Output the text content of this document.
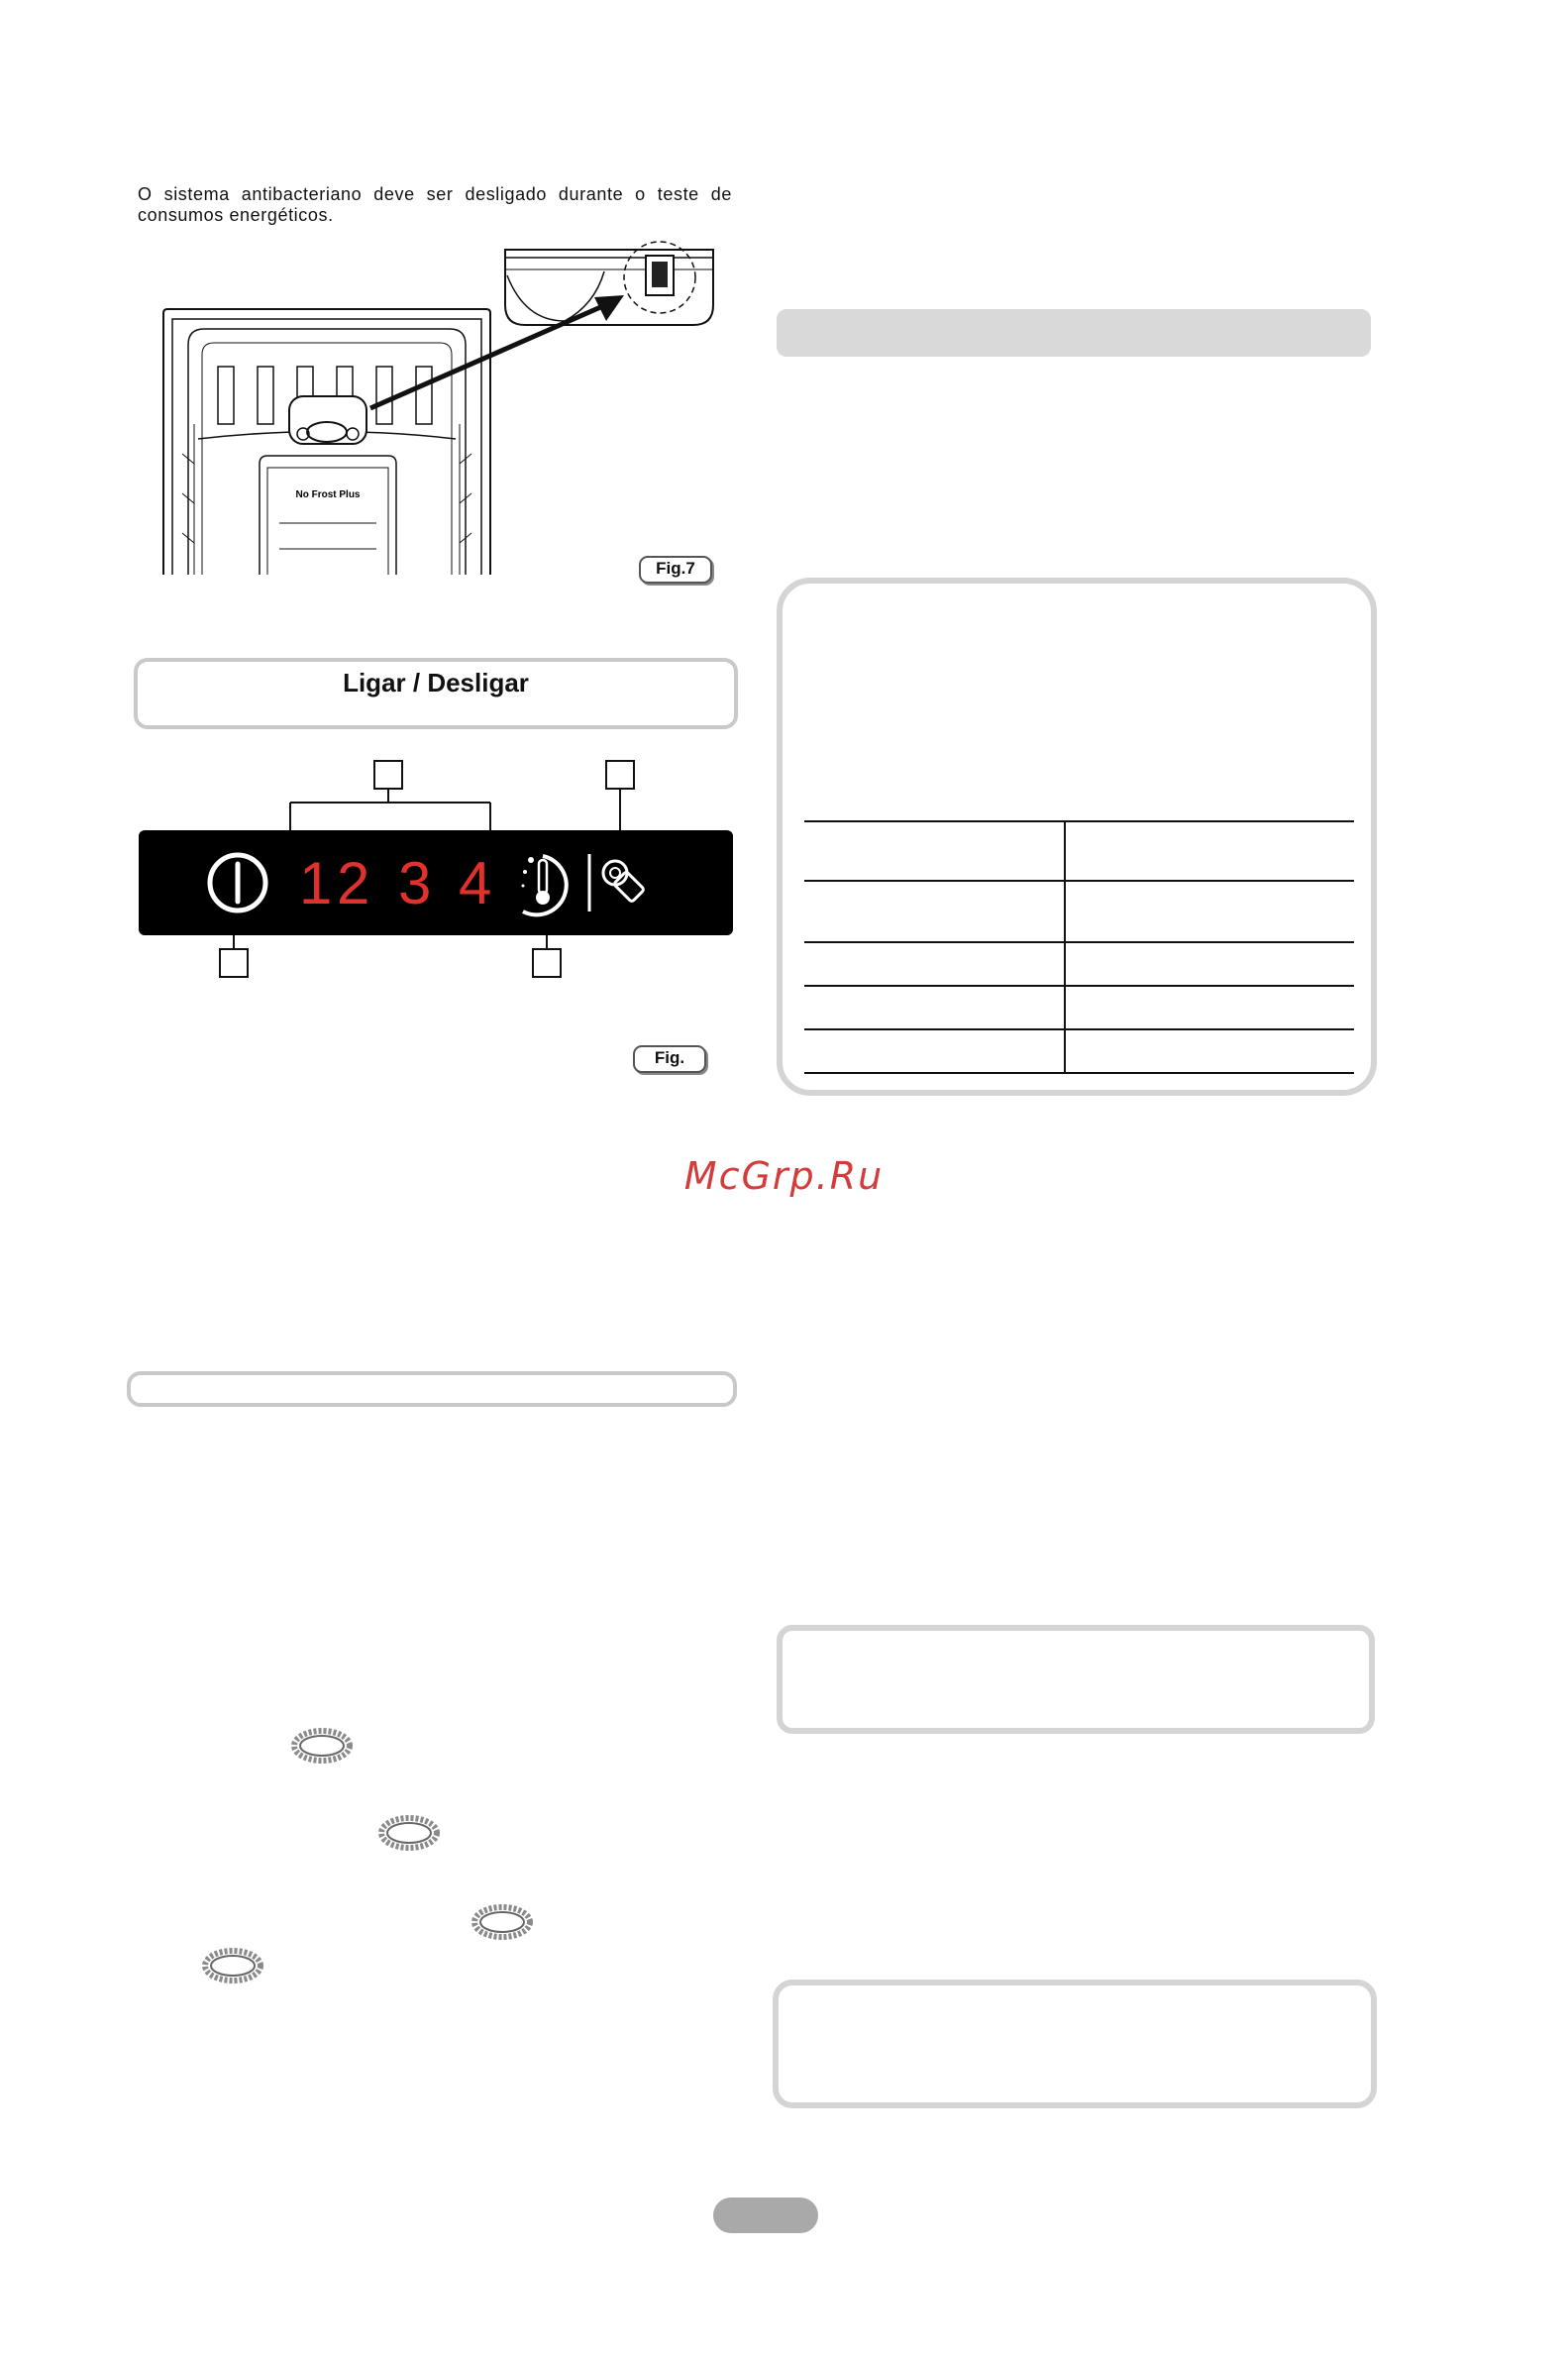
O sistema antibacteriano deve ser desligado durante o teste de consumos energéticos.
No Frost Plus
Fig.7
Ligar / Desligar
1 2 3 4
Fig.

McGrp.Ru
